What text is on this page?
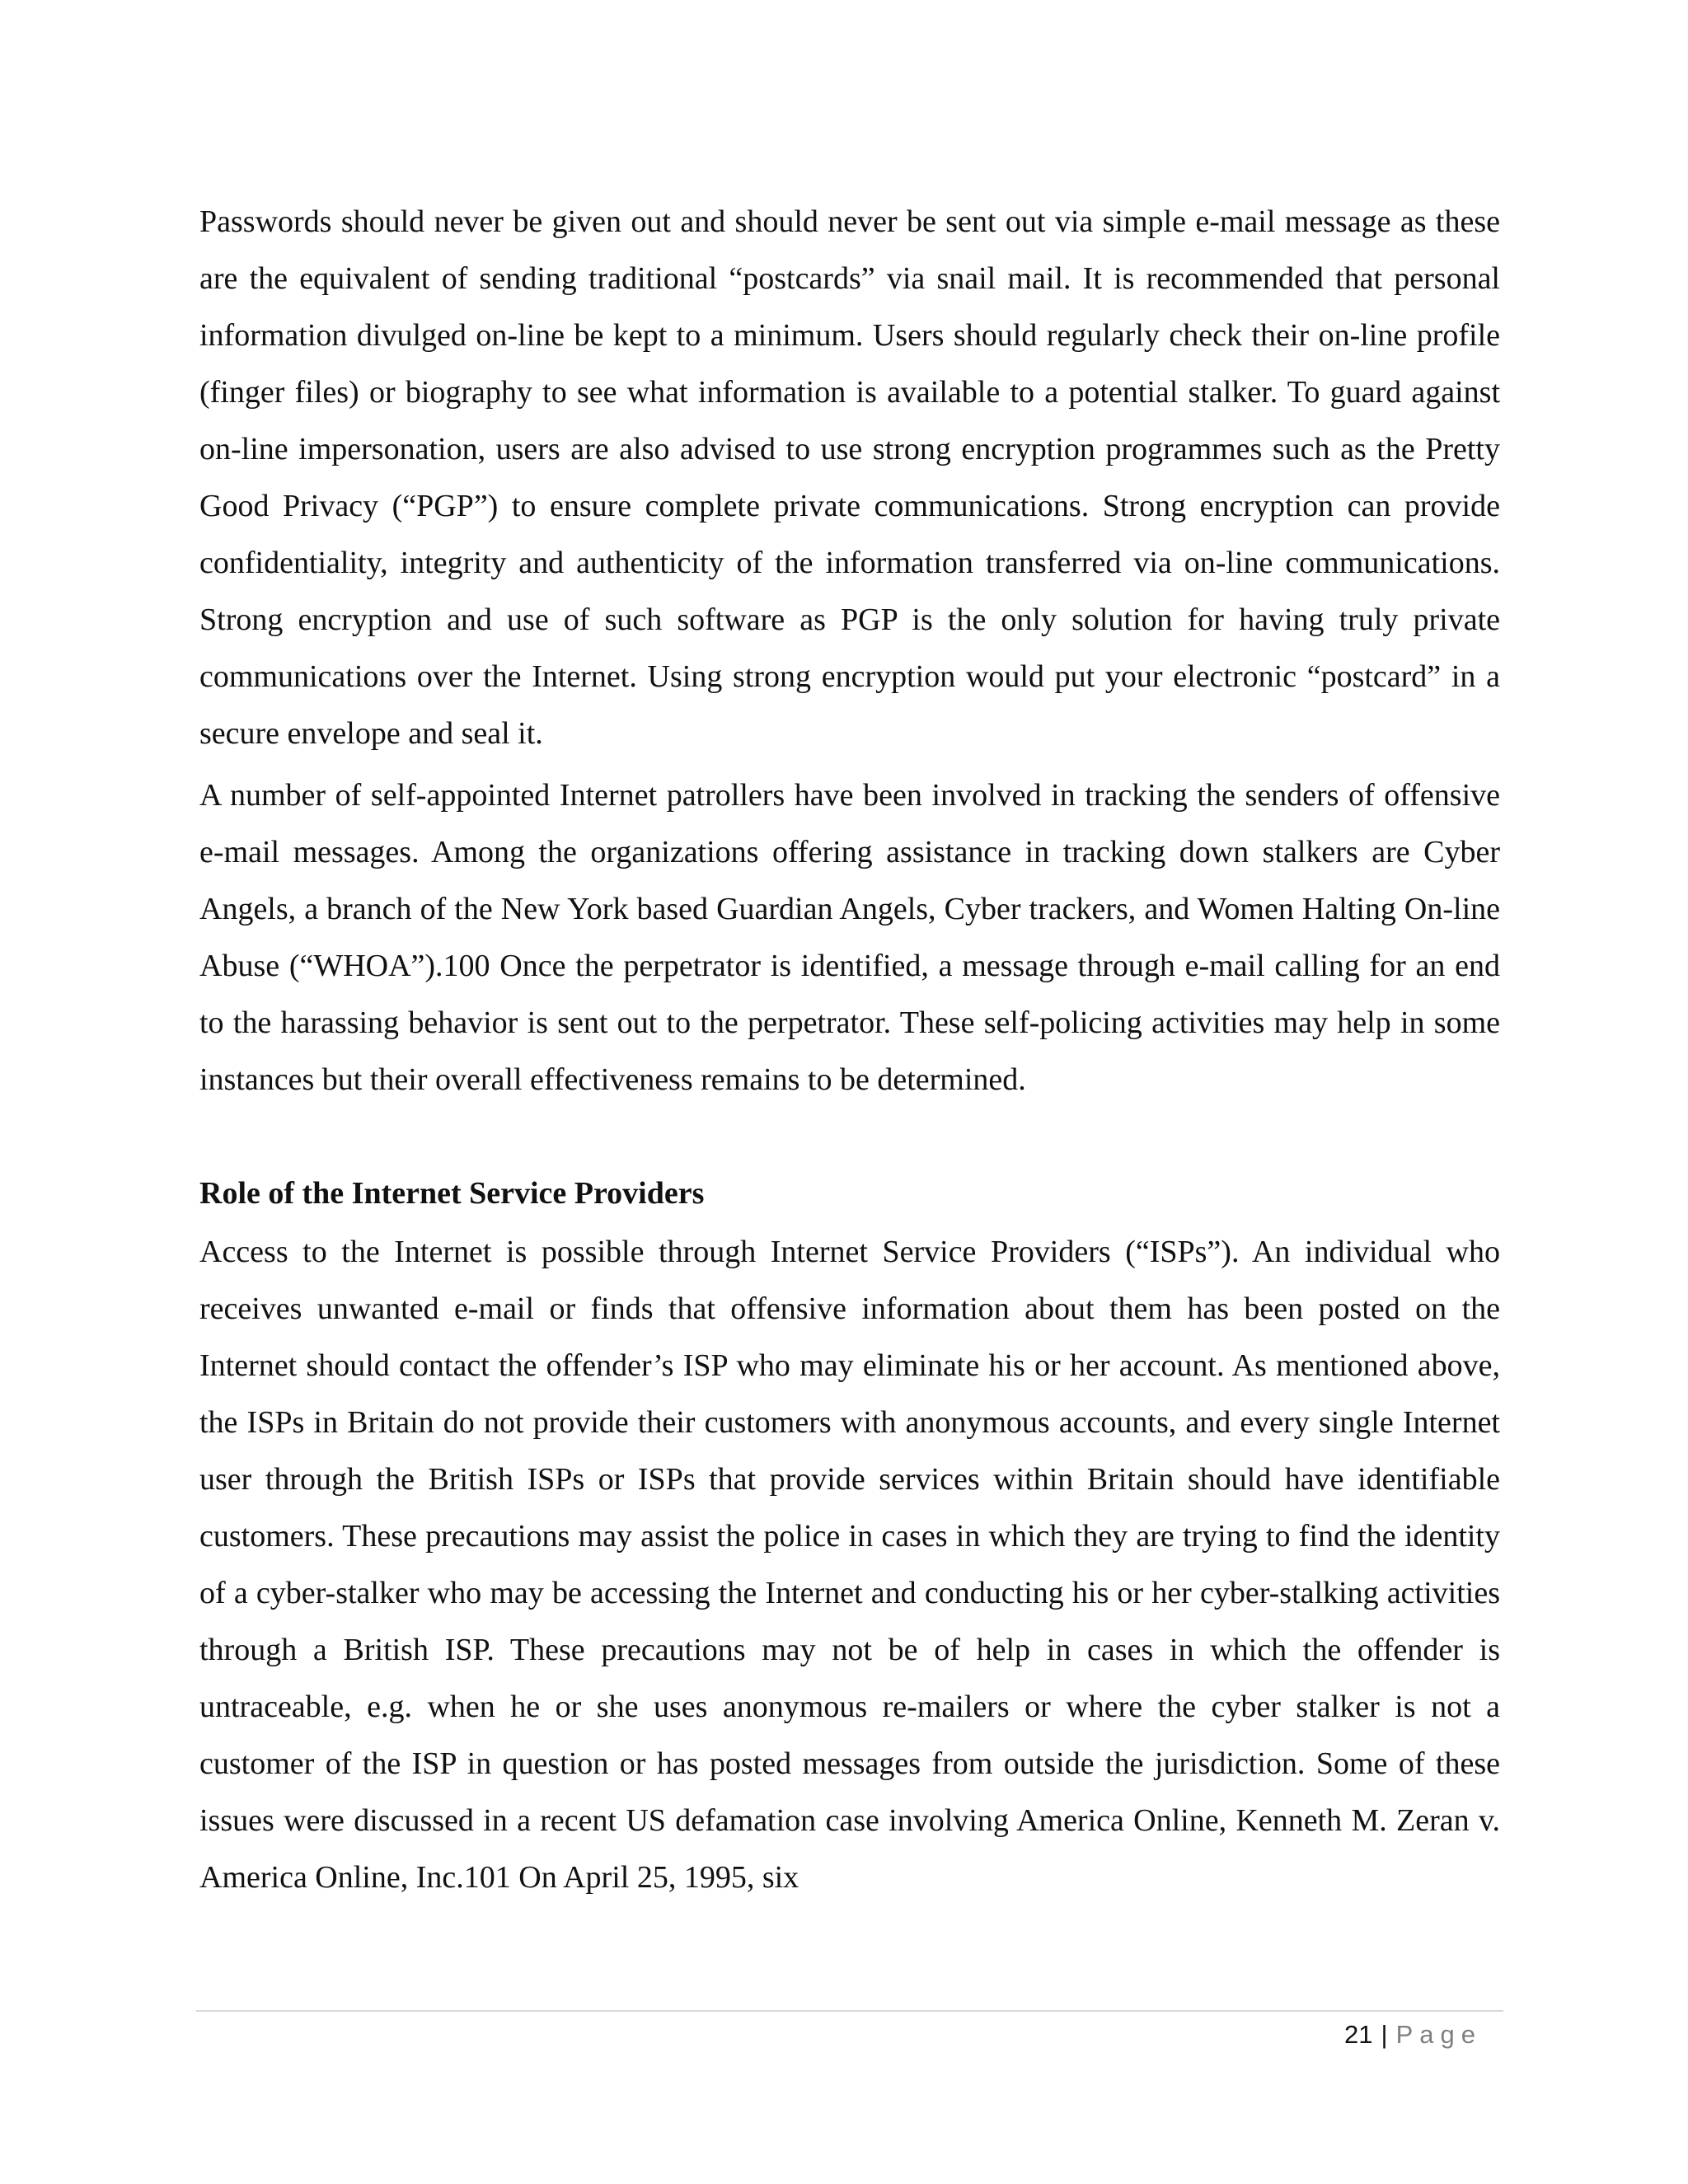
Passwords should never be given out and should never be sent out via simple e-mail message as these are the equivalent of sending traditional “postcards” via snail mail. It is recommended that personal information divulged on-line be kept to a minimum. Users should regularly check their on-line profile (finger files) or biography to see what information is available to a potential stalker. To guard against on-line impersonation, users are also advised to use strong encryption programmes such as the Pretty Good Privacy (“PGP”) to ensure complete private communications. Strong encryption can provide confidentiality, integrity and authenticity of the information transferred via on-line communications. Strong encryption and use of such software as PGP is the only solution for having truly private communications over the Internet. Using strong encryption would put your electronic “postcard” in a secure envelope and seal it.

A number of self-appointed Internet patrollers have been involved in tracking the senders of offensive e-mail messages. Among the organizations offering assistance in tracking down stalkers are Cyber Angels, a branch of the New York based Guardian Angels, Cyber trackers, and Women Halting On-line Abuse (“WHOA”).100 Once the perpetrator is identified, a message through e-mail calling for an end to the harassing behavior is sent out to the perpetrator. These self-policing activities may help in some instances but their overall effectiveness remains to be determined.

Role of the Internet Service Providers

Access to the Internet is possible through Internet Service Providers (“ISPs”). An individual who receives unwanted e-mail or finds that offensive information about them has been posted on the Internet should contact the offender’s ISP who may eliminate his or her account. As mentioned above, the ISPs in Britain do not provide their customers with anonymous accounts, and every single Internet user through the British ISPs or ISPs that provide services within Britain should have identifiable customers. These precautions may assist the police in cases in which they are trying to find the identity of a cyber-stalker who may be accessing the Internet and conducting his or her cyber-stalking activities through a British ISP. These precautions may not be of help in cases in which the offender is untraceable, e.g. when he or she uses anonymous re-mailers or where the cyber stalker is not a customer of the ISP in question or has posted messages from outside the jurisdiction. Some of these issues were discussed in a recent US defamation case involving America Online, Kenneth M. Zeran v. America Online, Inc.101 On April 25, 1995, six

21 | Page
